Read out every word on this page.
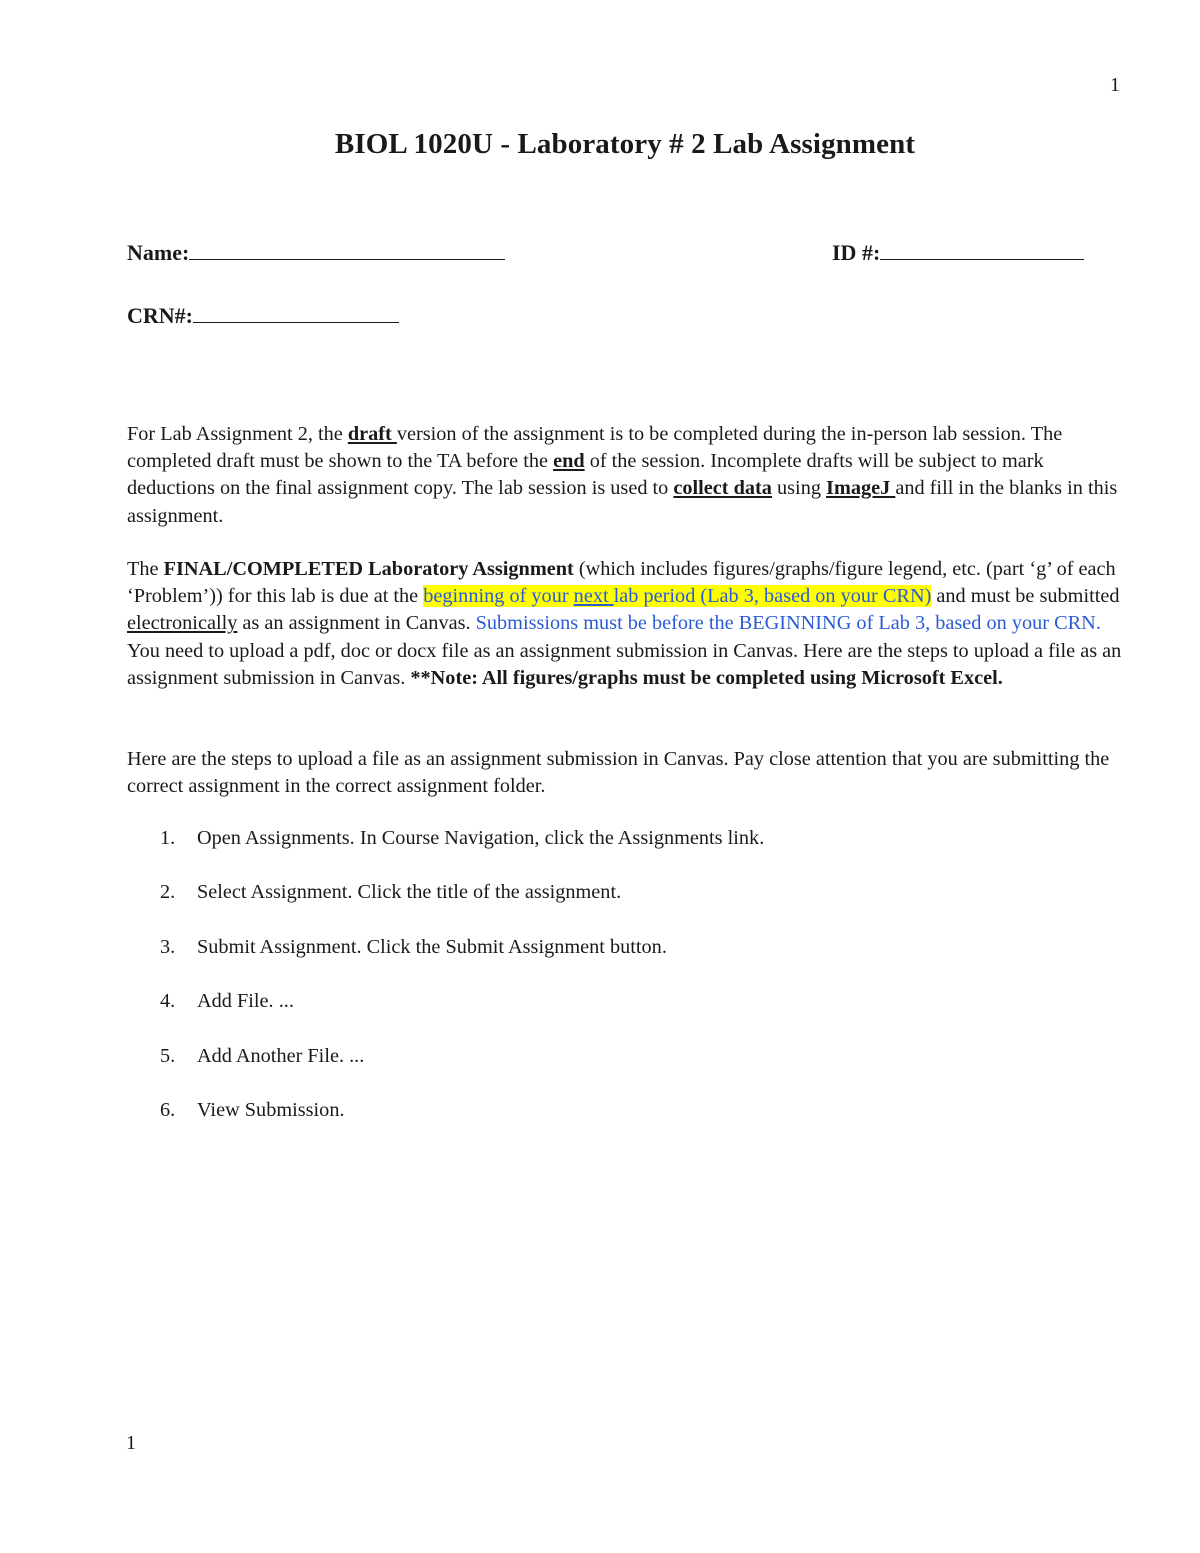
1
BIOL 1020U - Laboratory # 2 Lab Assignment
Name:	ID #:
CRN#:
For Lab Assignment 2, the draft version of the assignment is to be completed during the in-person lab session. The completed draft must be shown to the TA before the end of the session. Incomplete drafts will be subject to mark deductions on the final assignment copy. The lab session is used to collect data using ImageJ and fill in the blanks in this assignment.
The FINAL/COMPLETED Laboratory Assignment (which includes figures/graphs/figure legend, etc. (part ‘g’ of each ‘Problem’)) for this lab is due at the beginning of your next lab period (Lab 3, based on your CRN) and must be submitted electronically as an assignment in Canvas. Submissions must be before the BEGINNING of Lab 3, based on your CRN. You need to upload a pdf, doc or docx file as an assignment submission in Canvas. Here are the steps to upload a file as an assignment submission in Canvas. **Note: All figures/graphs must be completed using Microsoft Excel.
Here are the steps to upload a file as an assignment submission in Canvas. Pay close attention that you are submitting the correct assignment in the correct assignment folder.
1.	Open Assignments. In Course Navigation, click the Assignments link.
2.	Select Assignment. Click the title of the assignment.
3.	Submit Assignment. Click the Submit Assignment button.
4.	Add File. ...
5.	Add Another File. ...
6.	View Submission.
1
